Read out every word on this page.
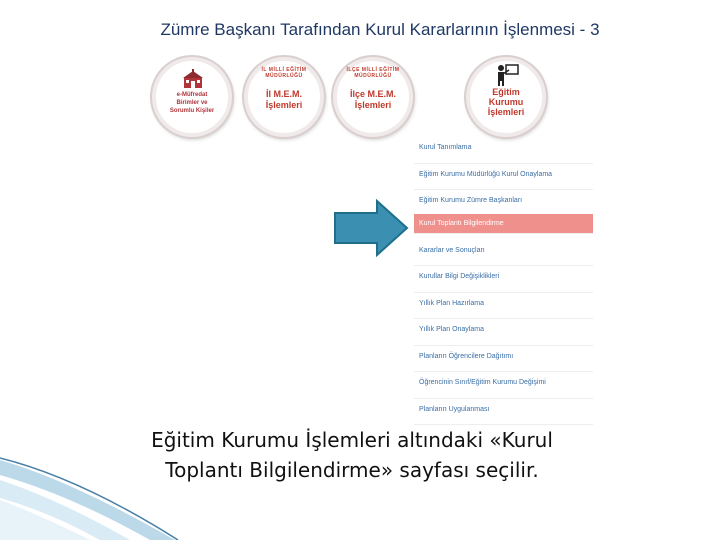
Zümre Başkanı Tarafından Kurul Kararlarının İşlenmesi - 3
e-Müfredat
Birimler ve
Sorumlu Kişiler
İL MİLLİ EĞİTİM MÜDÜRLÜĞÜ
İl M.E.M.
İşlemleri
İLÇE MİLLİ EĞİTİM MÜDÜRLÜĞÜ
İlçe M.E.M.
İşlemleri
Eğitim
Kurumu
İşlemleri
Kurul Tanımlama
Eğitim Kurumu Müdürlüğü Kurul Onaylama
Eğitim Kurumu Zümre Başkanları
Kurul Toplantı Bilgilendirme
Kararlar ve Sonuçları
Kurullar Bilgi Değişiklikleri
Yıllık Plan Hazırlama
Yıllık Plan Onaylama
Planların Öğrencilere Dağıtımı
Öğrencinin Sınıf/Eğitim Kurumu Değişimi
Planların Uygulanması
Eğitim Kurumu İşlemleri altındaki «Kurul
Toplantı Bilgilendirme» sayfası seçilir.
